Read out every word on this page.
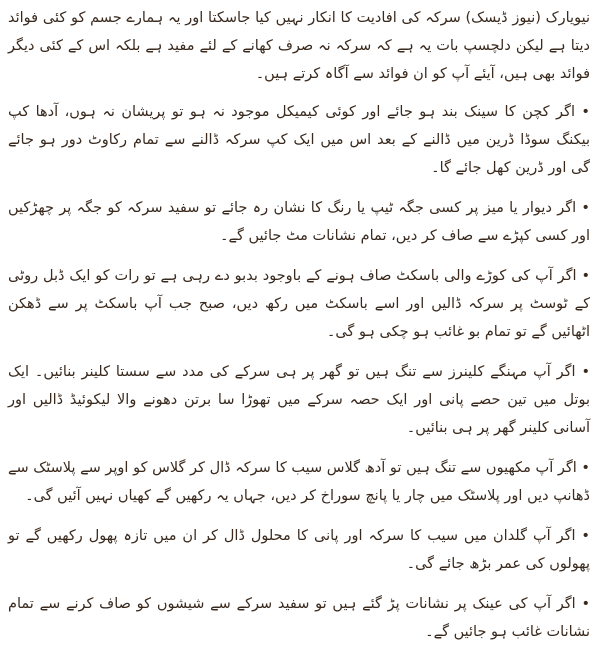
نیویارک (نیوز ڈیسک) سرکہ کی افادیت کا انکار نہیں کیا جاسکتا اور یہ ہمارے جسم کو کئی فوائد دیتا ہے لیکن دلچسپ بات یہ ہے کہ سرکہ نہ صرف کھانے کے لئے مفید ہے بلکہ اس کے کئی دیگر فوائد بھی ہیں، آیئے آپ کو ان فوائد سے آگاہ کرتے ہیں۔

• اگر کچن کا سینک بند ہو جائے اور کوئی کیمیکل موجود نہ ہو تو پریشان نہ ہوں، آدھا کپ بیکنگ سوڈا ڈرین میں ڈالنے کے بعد اس میں ایک کپ سرکہ ڈالنے سے تمام رکاوٹ دور ہو جائے گی اور ڈرین کھل جائے گا۔

• اگر دیوار یا میز پر کسی جگہ ٹیپ یا رنگ کا نشان رہ جائے تو سفید سرکہ کو جگہ پر چھڑکیں اور کسی کپڑے سے صاف کر دیں، تمام نشانات مٹ جائیں گے۔

• اگر آپ کی کوڑے والی باسکٹ صاف ہونے کے باوجود بدبو دے رہی ہے تو رات کو ایک ڈبل روٹی کے ٹوسٹ پر سرکہ ڈالیں اور اسے باسکٹ میں رکھ دیں، صبح جب آپ باسکٹ پر سے ڈھکن اٹھائیں گے تو تمام بو غائب ہو چکی ہو گی۔

• اگر آپ مہنگے کلینرز سے تنگ ہیں تو گھر پر ہی سرکے کی مدد سے سستا کلینر بنائیں۔ ایک بوتل میں تین حصے پانی اور ایک حصہ سرکے میں تھوڑا سا برتن دھونے والا لیکوئیڈ ڈالیں اور آسانی کلینر گھر پر ہی بنائیں۔

• اگر آپ مکھیوں سے تنگ ہیں تو آدھ گلاس سیب کا سرکہ ڈال کر گلاس کو اوپر سے پلاسٹک سے ڈھانپ دیں اور پلاسٹک میں چار یا پانچ سوراخ کر دیں، جہاں یہ رکھیں گے کھیاں نہیں آئیں گی۔

• اگر آپ گلدان میں سیب کا سرکہ اور پانی کا محلول ڈال کر ان میں تازہ پھول رکھیں گے تو پھولوں کی عمر بڑھ جائے گی۔

• اگر آپ کی عینک پر نشانات پڑ گئے ہیں تو سفید سرکے سے شیشوں کو صاف کرنے سے تمام نشانات غائب ہو جائیں گے۔
